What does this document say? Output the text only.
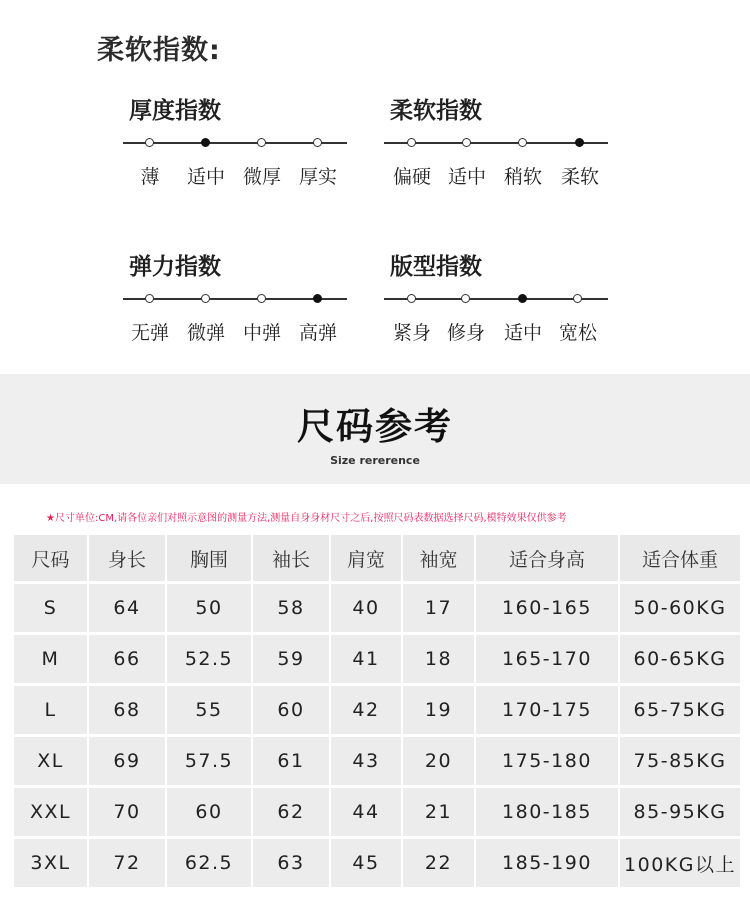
柔软指数:
厚度指数
薄 适中 微厚 厚实
柔软指数
偏硬 适中 稍软 柔软
弹力指数
无弹 微弹 中弹 高弹
版型指数
紧身 修身 适中 宽松
尺码参考
Size rererence
★尺寸单位:CM,请各位亲们对照示意图的测量方法,测量自身身材尺寸之后,按照尺码表数据选择尺码,模特效果仅供参考
尺码	身长	胸围	袖长	肩宽	袖宽	适合身高	适合体重
S	64	50	58	40	17	160-165	50-60KG
M	66	52.5	59	41	18	165-170	60-65KG
L	68	55	60	42	19	170-175	65-75KG
XL	69	57.5	61	43	20	175-180	75-85KG
XXL	70	60	62	44	21	180-185	85-95KG
3XL	72	62.5	63	45	22	185-190	100KG以上
